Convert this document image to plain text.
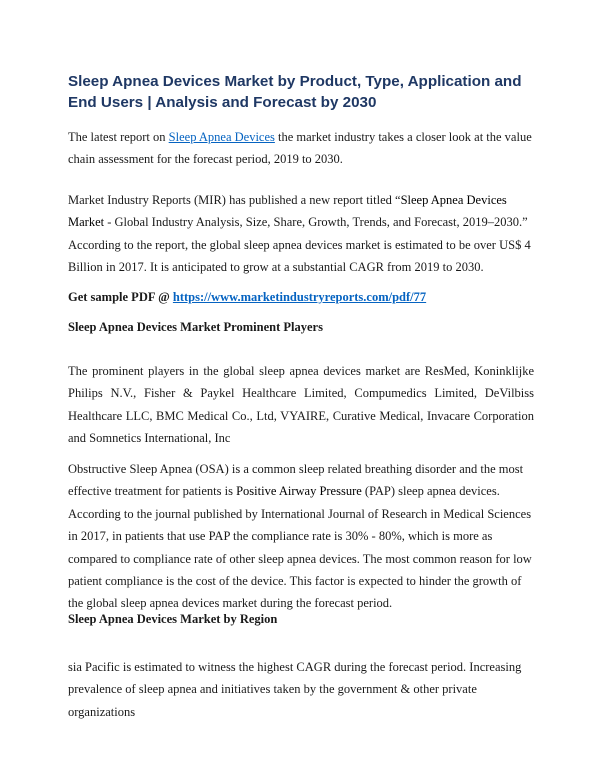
Sleep Apnea Devices Market by Product, Type, Application and End Users | Analysis and Forecast by 2030

The latest report on Sleep Apnea Devices the market industry takes a closer look at the value chain assessment for the forecast period, 2019 to 2030.

Market Industry Reports (MIR) has published a new report titled “Sleep Apnea Devices Market - Global Industry Analysis, Size, Share, Growth, Trends, and Forecast, 2019–2030.” According to the report, the global sleep apnea devices market is estimated to be over US$ 4 Billion in 2017. It is anticipated to grow at a substantial CAGR from 2019 to 2030.

Get sample PDF @ https://www.marketindustryreports.com/pdf/77

Sleep Apnea Devices Market Prominent Players

The prominent players in the global sleep apnea devices market are ResMed, Koninklijke Philips N.V., Fisher & Paykel Healthcare Limited, Compumedics Limited, DeVilbiss Healthcare LLC, BMC Medical Co., Ltd, VYAIRE, Curative Medical, Invacare Corporation and Somnetics International, Inc

Obstructive Sleep Apnea (OSA) is a common sleep related breathing disorder and the most effective treatment for patients is Positive Airway Pressure (PAP) sleep apnea devices. According to the journal published by International Journal of Research in Medical Sciences in 2017, in patients that use PAP the compliance rate is 30% - 80%, which is more as compared to compliance rate of other sleep apnea devices. The most common reason for low patient compliance is the cost of the device. This factor is expected to hinder the growth of the global sleep apnea devices market during the forecast period.

Sleep Apnea Devices Market by Region

sia Pacific is estimated to witness the highest CAGR during the forecast period. Increasing prevalence of sleep apnea and initiatives taken by the government & other private organizations
